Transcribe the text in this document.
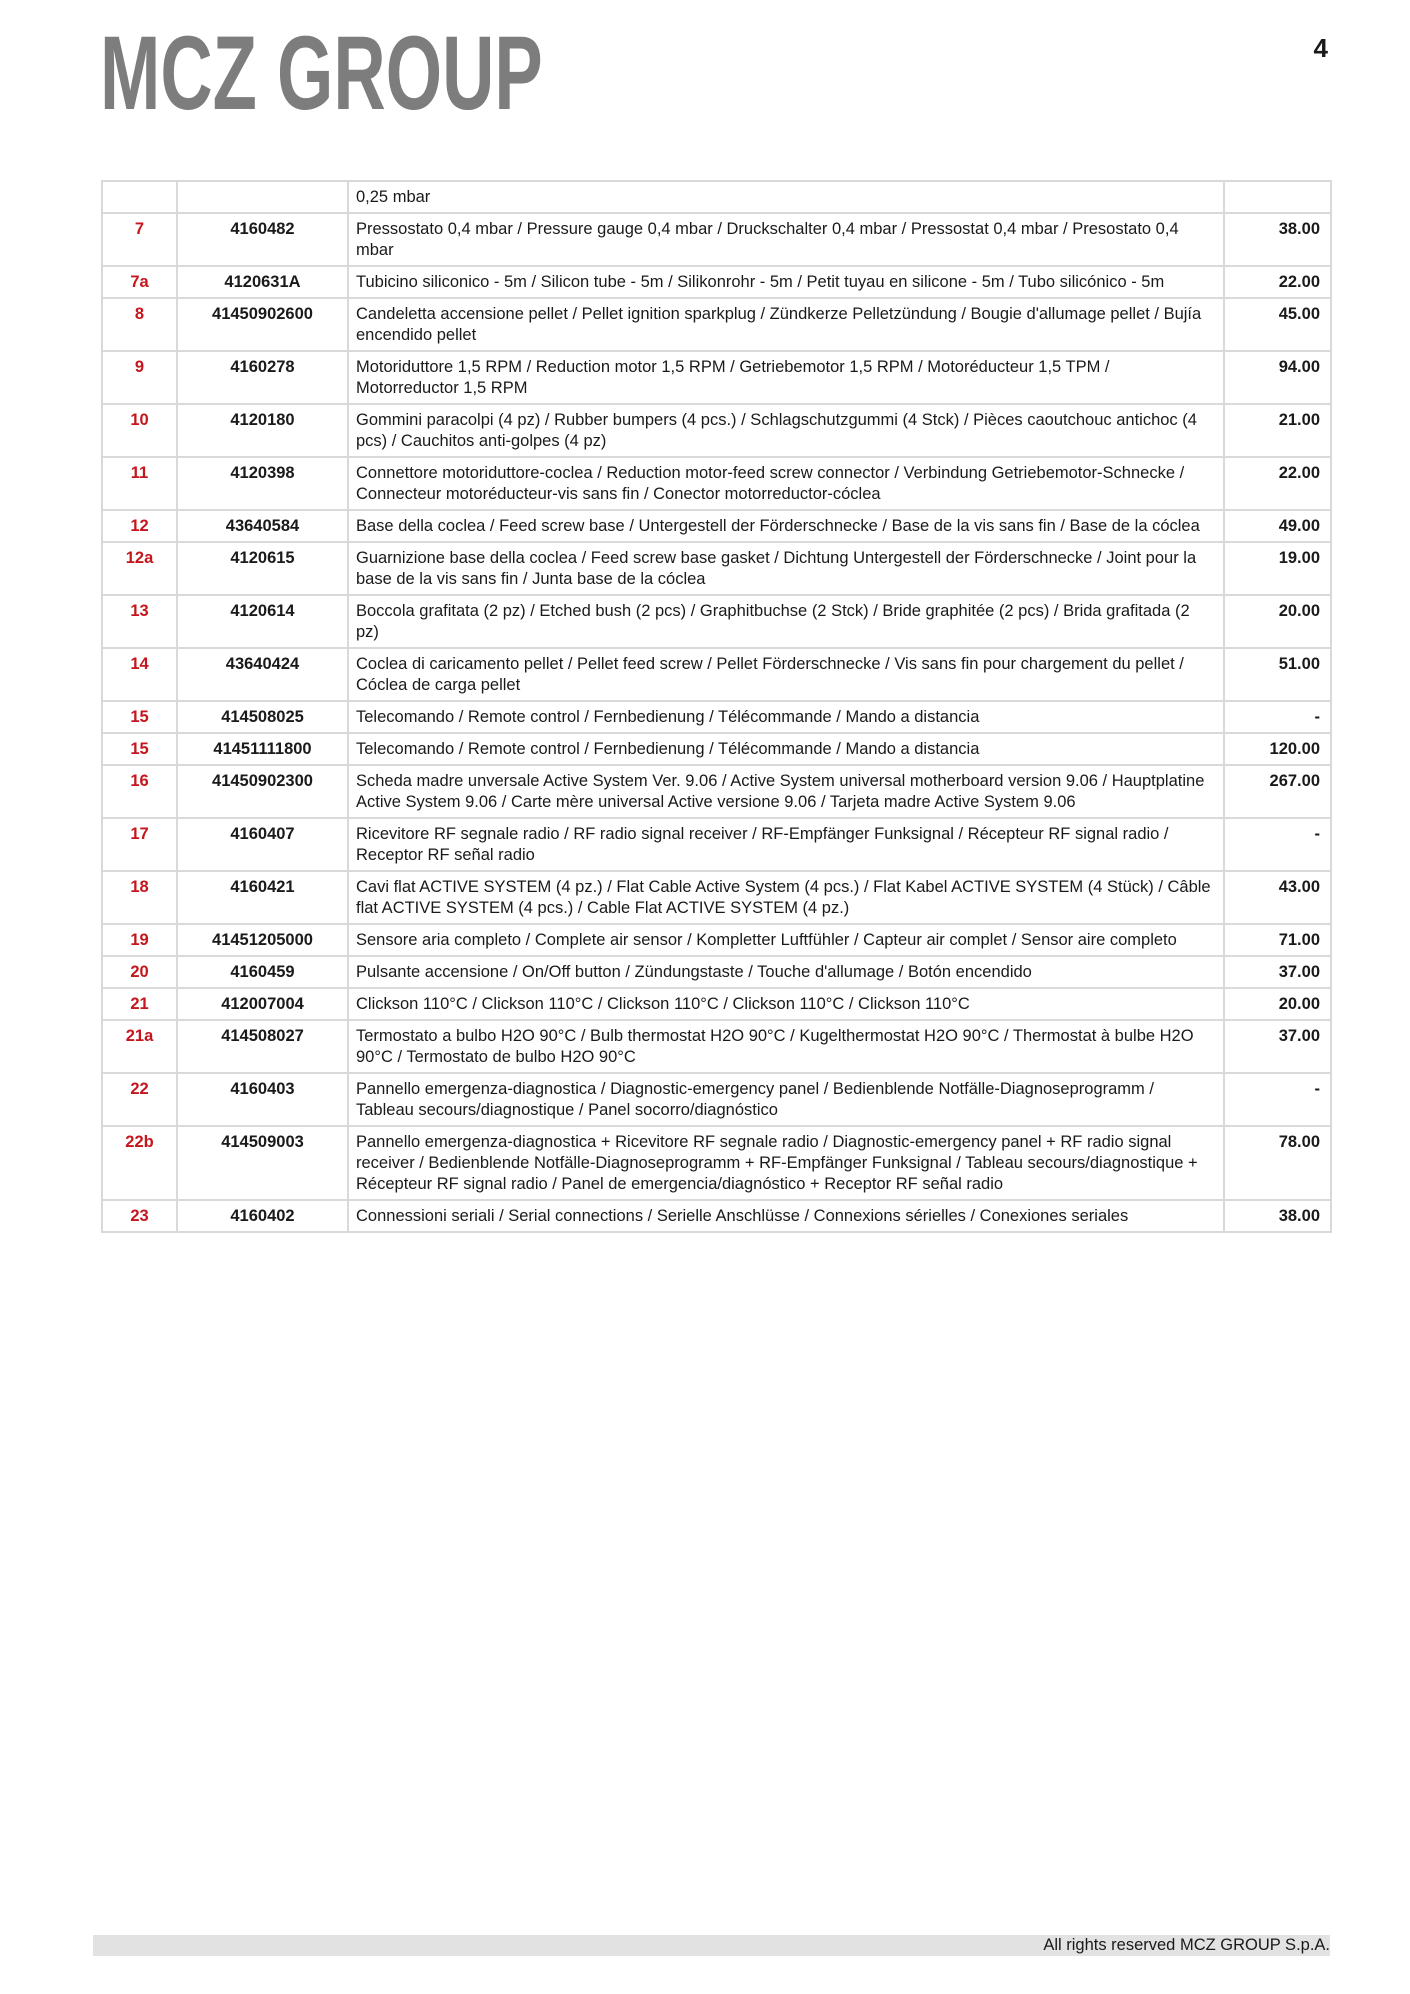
MCZ GROUP	4
		0,25 mbar	
7	4160482	Pressostato 0,4 mbar / Pressure gauge 0,4 mbar / Druckschalter 0,4 mbar / Pressostat 0,4 mbar / Presostato 0,4 mbar	38.00
7a	4120631A	Tubicino siliconico - 5m / Silicon tube - 5m / Silikonrohr - 5m / Petit tuyau en silicone - 5m / Tubo silicónico - 5m	22.00
8	41450902600	Candeletta accensione pellet / Pellet ignition sparkplug / Zündkerze Pelletzündung / Bougie d'allumage pellet / Bujía encendido pellet	45.00
9	4160278	Motoriduttore 1,5 RPM / Reduction motor 1,5 RPM / Getriebemotor 1,5 RPM / Motoréducteur 1,5 TPM / Motorreductor 1,5 RPM	94.00
10	4120180	Gommini paracolpi (4 pz) / Rubber bumpers (4 pcs.) / Schlagschutzgummi (4 Stck) / Pièces caoutchouc antichoc (4 pcs) / Cauchitos anti-golpes (4 pz)	21.00
11	4120398	Connettore motoriduttore-coclea / Reduction motor-feed screw connector / Verbindung Getriebemotor-Schnecke / Connecteur motoréducteur-vis sans fin / Conector motorreductor-cóclea	22.00
12	43640584	Base della coclea / Feed screw base / Untergestell der Förderschnecke / Base de la vis sans fin / Base de la cóclea	49.00
12a	4120615	Guarnizione base della coclea / Feed screw base gasket / Dichtung Untergestell der Förderschnecke / Joint pour la base de la vis sans fin / Junta base de la cóclea	19.00
13	4120614	Boccola grafitata (2 pz) / Etched bush (2 pcs) / Graphitbuchse (2 Stck) / Bride graphitée (2 pcs) / Brida grafitada (2 pz)	20.00
14	43640424	Coclea di caricamento pellet / Pellet feed screw / Pellet Förderschnecke / Vis sans fin pour chargement du pellet / Cóclea de carga pellet	51.00
15	414508025	Telecomando / Remote control / Fernbedienung / Télécommande / Mando a distancia	-
15	41451111800	Telecomando / Remote control / Fernbedienung / Télécommande / Mando a distancia	120.00
16	41450902300	Scheda madre unversale Active System Ver. 9.06 / Active System universal motherboard version 9.06 / Hauptplatine Active System 9.06 / Carte mère universal Active versione 9.06 / Tarjeta madre Active System 9.06	267.00
17	4160407	Ricevitore RF segnale radio / RF radio signal receiver / RF-Empfänger Funksignal / Récepteur RF signal radio / Receptor RF señal radio	-
18	4160421	Cavi flat ACTIVE SYSTEM (4 pz.) / Flat Cable Active System (4 pcs.) / Flat Kabel ACTIVE SYSTEM (4 Stück) / Câble flat ACTIVE SYSTEM (4 pcs.) / Cable Flat ACTIVE SYSTEM (4 pz.)	43.00
19	41451205000	Sensore aria completo / Complete air sensor / Kompletter Luftfühler / Capteur air complet / Sensor aire completo	71.00
20	4160459	Pulsante accensione / On/Off button / Zündungstaste / Touche d'allumage / Botón encendido	37.00
21	412007004	Clickson 110°C / Clickson 110°C / Clickson 110°C / Clickson 110°C / Clickson 110°C	20.00
21a	414508027	Termostato a bulbo H2O 90°C / Bulb thermostat H2O 90°C / Kugelthermostat H2O 90°C / Thermostat à bulbe H2O 90°C / Termostato de bulbo H2O 90°C	37.00
22	4160403	Pannello emergenza-diagnostica / Diagnostic-emergency panel / Bedienblende Notfälle-Diagnoseprogramm / Tableau secours/diagnostique / Panel socorro/diagnóstico	-
22b	414509003	Pannello emergenza-diagnostica + Ricevitore RF segnale radio / Diagnostic-emergency panel + RF radio signal receiver / Bedienblende Notfälle-Diagnoseprogramm + RF-Empfänger Funksignal / Tableau secours/diagnostique + Récepteur RF signal radio / Panel de emergencia/diagnóstico + Receptor RF señal radio	78.00
23	4160402	Connessioni seriali / Serial connections / Serielle Anschlüsse / Connexions sérielles / Conexiones seriales	38.00
All rights reserved MCZ GROUP S.p.A.
